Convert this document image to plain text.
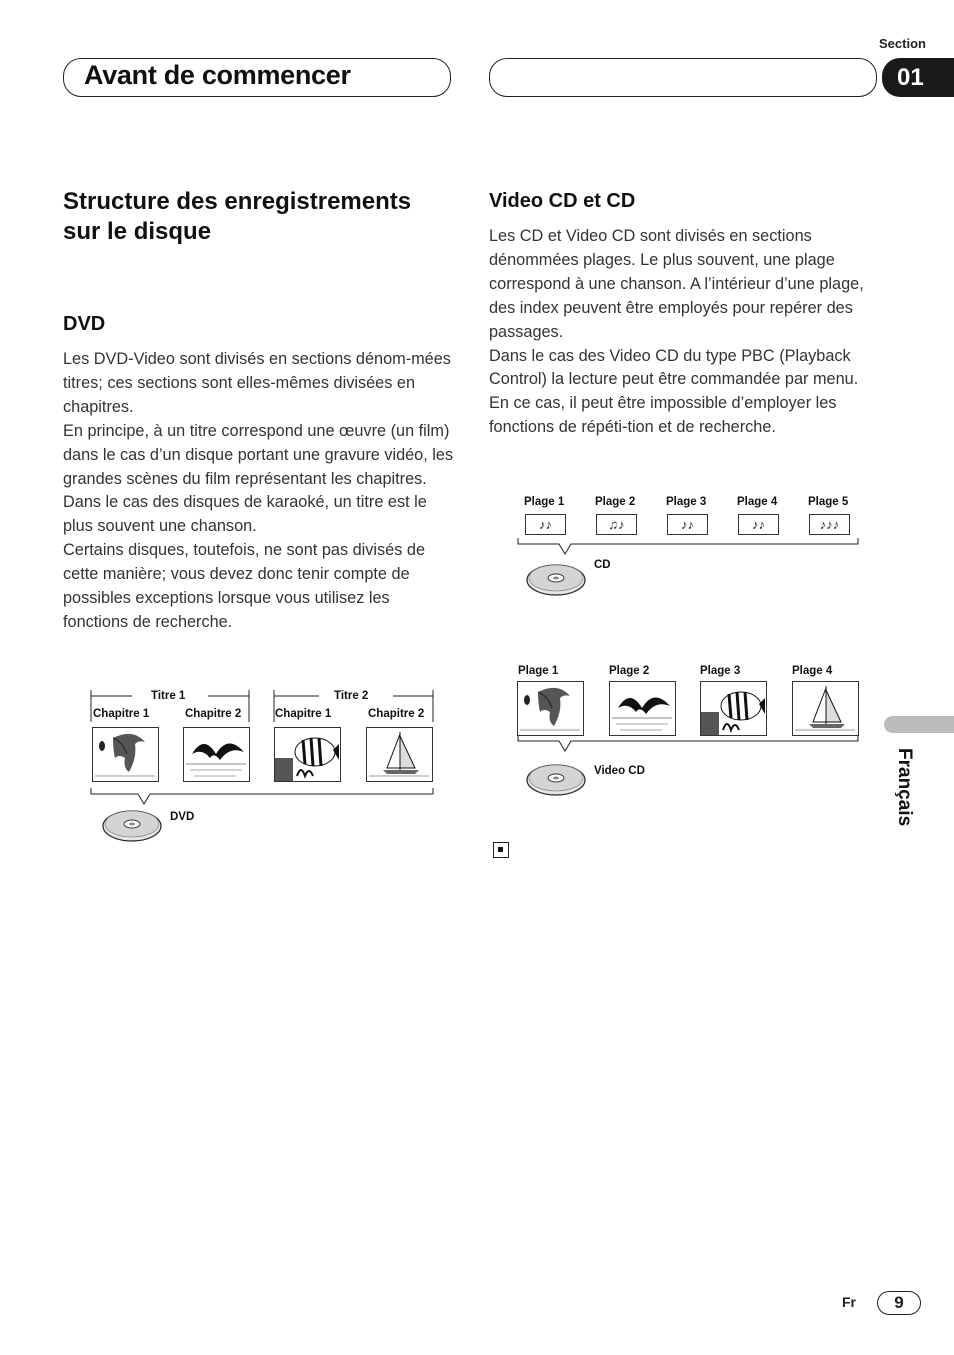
Avant de commencer
Section
01
Structure des enregistrements sur le disque
DVD

Les DVD-Video sont divisés en sections dénom-mées titres; ces sections sont elles-mêmes divisées en chapitres.

En principe, à un titre correspond une œuvre (un film) dans le cas d’un disque portant une gravure vidéo, les grandes scènes du film représentant les chapitres. Dans le cas des disques de karaoké, un titre est le plus souvent une chanson.

Certains disques, toutefois, ne sont pas divisés de cette manière; vous devez donc tenir compte de possibles exceptions lorsque vous utilisez les fonctions de recherche.

Titre 1	Titre 2
Chapitre 1	Chapitre 2	Chapitre 1	Chapitre 2
DVD
Video CD et CD

Les CD et Video CD sont divisés en sections dénommées plages. Le plus souvent, une plage correspond à une chanson. A l’intérieur d’une plage, des index peuvent être employés pour repérer des passages.

Dans le cas des Video CD du type PBC (Playback Control) la lecture peut être commandée par menu. En ce cas, il peut être impossible d’employer les fonctions de répéti-tion et de recherche.

Plage 1	Plage 2	Plage 3	Plage 4	Plage 5
♪♪	♫♪	♪♪	♪♪	♪♪♪
CD
Plage 1	Plage 2	Plage 3	Plage 4
Video CD	Français
Fr	9
